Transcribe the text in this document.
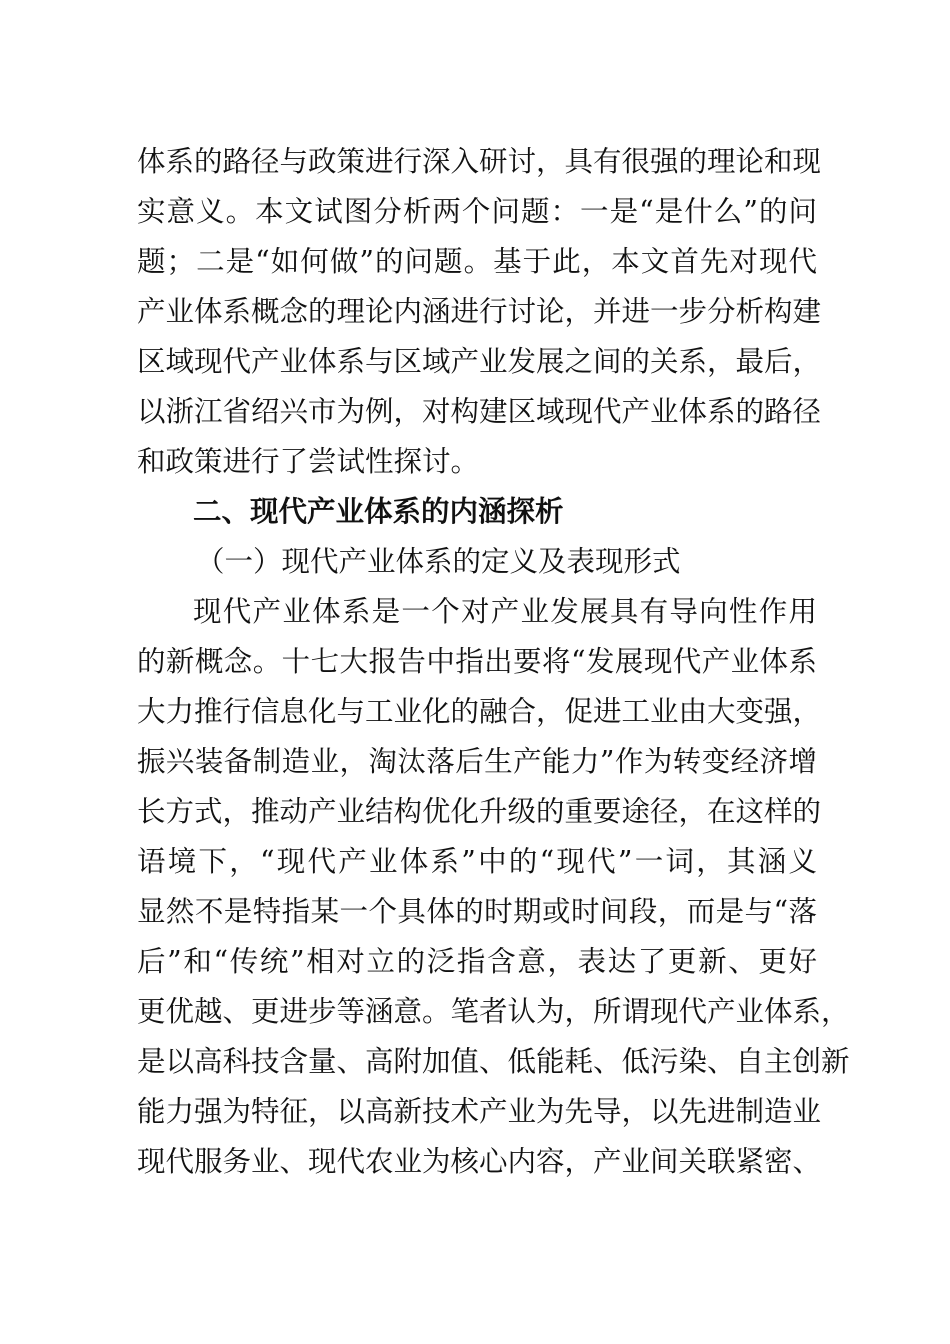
体系的路径与政策进行深入研讨，具有很强的理论和现
实意义。本文试图分析两个问题：一是“是什么”的问
题；二是“如何做”的问题。基于此，本文首先对现代
产业体系概念的理论内涵进行讨论，并进一步分析构建
区域现代产业体系与区域产业发展之间的关系，最后，
以浙江省绍兴市为例，对构建区域现代产业体系的路径
和政策进行了尝试性探讨。
二、现代产业体系的内涵探析
（一）现代产业体系的定义及表现形式
现代产业体系是一个对产业发展具有导向性作用
的新概念。十七大报告中指出要将“发展现代产业体系
大力推行信息化与工业化的融合，促进工业由大变强，
振兴装备制造业，淘汰落后生产能力”作为转变经济增
长方式，推动产业结构优化升级的重要途径，在这样的
语境下，“现代产业体系”中的“现代”一词，其涵义
显然不是特指某一个具体的时期或时间段，而是与“落
后”和“传统”相对立的泛指含意，表达了更新、更好
更优越、更进步等涵意。笔者认为，所谓现代产业体系，
是以高科技含量、高附加值、低能耗、低污染、自主创新
能力强为特征，以高新技术产业为先导，以先进制造业
现代服务业、现代农业为核心内容，产业间关联紧密、
